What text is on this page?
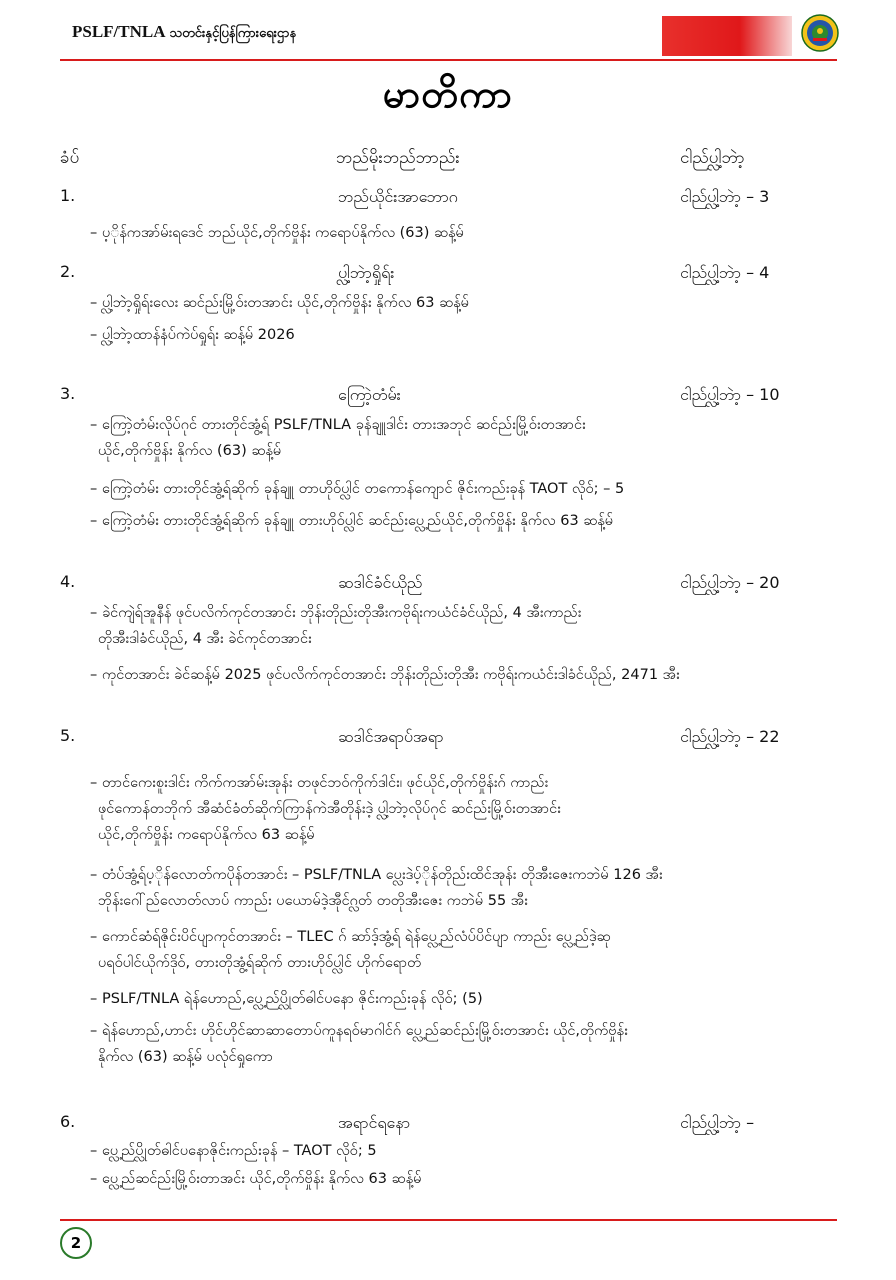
PSLF/TNLA သတင်းနှင့်ပြန်ကြားရေးဌာန
မာတိကာ
ခံပ်	ဘည်မိုးဘည်ဘာည်း	ငါည်ပ္လါ့ဘဲာ့
1.	ဘည်ယိုင်းအာဘောဂ	ငါည်ပ္လါ့ဘဲာ့ – 3
– ပ့ိုန်ကအာ်မ်းရဒေင် ဘည်ယိုင်,တိုက်ဗှိုန်း ကရောပ်နိုက်လ (63) ဆန့်မ်
2.	ပ္လါ့ဘဲာ့ရှိုရ်း	ငါည်ပ္လါ့ဘဲာ့ – 4
– ပ္လါ့ဘဲာ့ရှိုရ်းလေး ဆင်ည်းမြို့ဝ်းတအာင်း ယိုင်,တိုက်ဗှိုန်း နိုက်လ 63 ဆန့်မ်
– ပ္လါ့ဘဲာ့ထာန်နံပ်ကဲပ်ရှုရ်း ဆန့်မ် 2026
3.	ကြောဲ့တံမ်း	ငါည်ပ္လါ့ဘဲာ့ – 10
– ကြောဲ့တံမ်းလိုပ်ဂုင် တားတိုင်အွံ့ရ် PSLF/TNLA ခုန်ချူဒါင်း တားအဘုင် ဆင်ည်းမြို့ဝ်းတအာင်း
ယိုင်,တိုက်ဗှိုန်း နိုက်လ (63) ဆန့်မ်
– ကြောဲ့တံမ်း တားတိုင်အွံ့ရ်ဆိုက် ခုန်ချူ တာဟိုဝ်ပ္လါင် တကောန်ကျောင် ဇိုင်းကည်းခုန် TAOT လိုဝ်; – 5
– ကြောဲ့တံမ်း တားတိုင်အွံ့ရ်ဆိုက် ခုန်ချူ တားဟိုဝ်ပ္လါင် ဆင်ည်းပ္လေ့ည်ယိုင်,တိုက်ဗှိုန်း နိုက်လ 63 ဆန့်မ်
4.	ဆဒါင်ခံင်ယိုည်	ငါည်ပ္လါ့ဘဲာ့ – 20
– ခဲင်ကျဲရ်အူနီန် ဖုင်ပလိက်ကုင်တအာင်း ဘိုန်းတိုည်းတိုအီးကဗိုရ်းကယံင်ခံင်ယိုည်, 4 အီးကာည်း
တိုအီးဒါခံင်ယိုည်, 4 အီး ခဲင်ကုင်တအာင်း
– ကုင်တအာင်း ခဲင်ဆန့်မ် 2025 ဖုင်ပလိက်ကုင်တအာင်း ဘိုန်းတိုည်းတိုအီး ကဗိုရ်းကယံင်းဒါခံင်ယိုည်, 2471 အီး
5.	ဆဒါင်အရာပ်အရာ	ငါည်ပ္လါ့ဘဲာ့ – 22
– တာင်ကေးစူးဒါင်း ကိက်ကအာ်မ်းအုန်း တဖုင်ဘဝ်ကိုက်ဒါင်း၊ ဖုင်ယိုင်,တိုက်ဗှိုန်းဂ် ကာည်း
ဖုင်ကောန်တဘိုက် အီဆံင်ခံတ်ဆိုက်ကြာန်ကဲအီတိုန်းဒဲ့ ပ္လါ့ဘဲာ့လိုပ်ဂုင် ဆင်ည်းမြို့ဝ်းတအာင်း
ယိုင်,တိုက်ဗှိုန်း ကရောပ်နိုက်လ 63 ဆန့်မ်
– တံပ်အွံ့ရ်ပ့ိုန်လောတ်ကပိုန်တအာင်း – PSLF/TNLA ပ္လေးဒဲပ့်ိုန်တိုည်းထိင်အုန်း တိုအီးဇေးကဘဲမ် 126 အီး
ဘိုန်းဂေါ်ည်လောတ်လာပ် ကာည်း ပယောမ်ဒဲ့အီုင်ဂ္လတ် တတိုအီးဇေး ကဘဲမ် 55 အီး
– ကောင်ဆံရ်ဇိုင်းပိင်ပျာကုင်တအာင်း – TLEC ဂ် ဆာ်ဒ့်အွံ့ရ် ရဲန်ပ္လေ့ည်လံပ်ပိင်ပျာ ကာည်း ပ္လေ့ည်ဒဲ့ဆု
ပရဝ်ပါင်ယိုက်ဒိုဝ်, တားတိုအွံ့ရ်ဆိုက် တားဟိုဝ်ပ္လါင် ဟိုက်ရောတ်
– PSLF/TNLA ရဲန်ဟောည်,ပ္လေ့ည်ပ္လိုတ်ဓါင်ပနော ဇိုင်းကည်းခုန် လိုဝ်; (5)
– ရဲန်ဟောည်,ဟာင်း ဟိုင်ဟိုင်ဆာဆာတောပ်ကူနရဝ်မာဂါင်ဂ် ပ္လေ့ည်ဆင်ည်းမြို့ဝ်းတအာင်း ယိုင်,တိုက်ဗှိုန်း
နိုက်လ (63) ဆန့်မ် ပလုံင်ရှုကော
6.	အရာင်ရနော	ငါည်ပ္လါ့ဘဲာ့ –
– ပ္လေ့ည်ပ္လိုတ်ဓါင်ပနောဇိုင်းကည်းခုန် – TAOT လိုဝ်; 5
– ပ္လေ့ည်ဆင်ည်းမြို့ဝ်းတာအင်း ယိုင်,တိုက်ဗှိုန်း နိုက်လ 63 ဆန့်မ်
2
